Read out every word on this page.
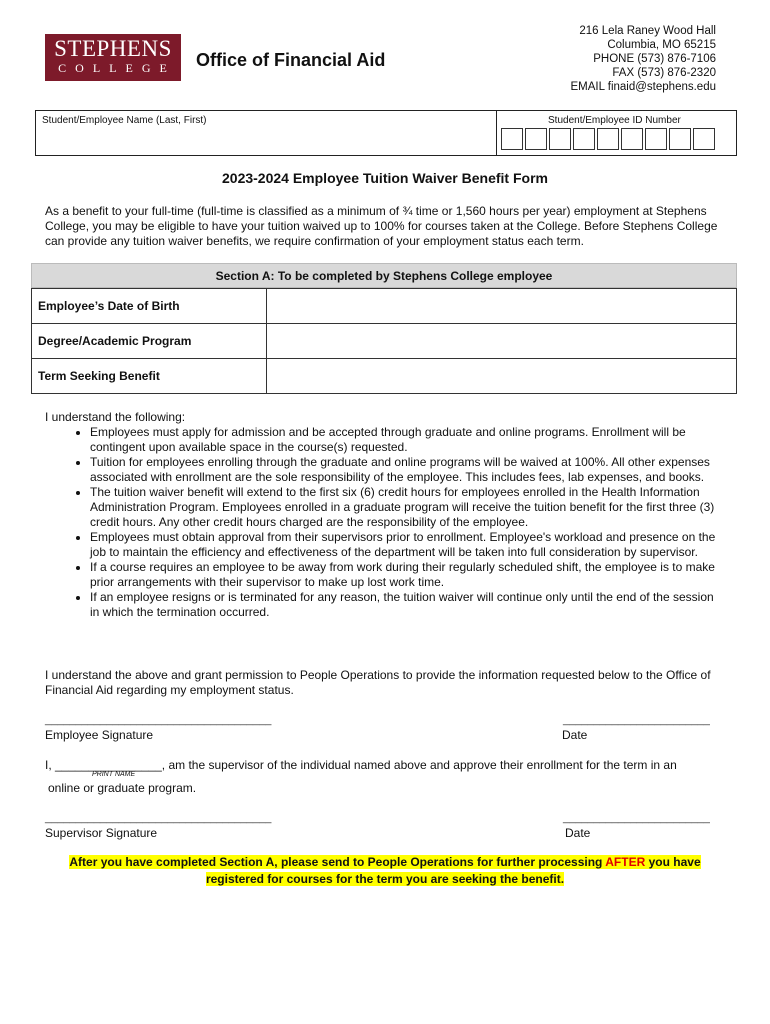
STEPHENS
COLLEGE Office of Financial Aid
216 Lela Raney Wood Hall
Columbia, MO 65215
PHONE (573) 876-7106
FAX (573) 876-2320
EMAIL finaid@stephens.edu
Student/Employee Name (Last, First)	Student/Employee ID Number
2023-2024 Employee Tuition Waiver Benefit Form
As a benefit to your full-time (full-time is classified as a minimum of ¾ time or 1,560 hours per year) employment at Stephens College, you may be eligible to have your tuition waived up to 100% for courses taken at the College. Before Stephens College can provide any tuition waiver benefits, we require confirmation of your employment status each term.
Section A: To be completed by Stephens College employee
Employee’s Date of Birth	
Degree/Academic Program	
Term Seeking Benefit	
I understand the following:
• Employees must apply for admission and be accepted through graduate and online programs. Enrollment will be contingent upon available space in the course(s) requested.
• Tuition for employees enrolling through the graduate and online programs will be waived at 100%. All other expenses associated with enrollment are the sole responsibility of the employee. This includes fees, lab expenses, and books.
• The tuition waiver benefit will extend to the first six (6) credit hours for employees enrolled in the Health Information Administration Program. Employees enrolled in a graduate program will receive the tuition benefit for the first three (3) credit hours. Any other credit hours charged are the responsibility of the employee.
• Employees must obtain approval from their supervisors prior to enrollment. Employee's workload and presence on the job to maintain the efficiency and effectiveness of the department will be taken into full consideration by supervisor.
• If a course requires an employee to be away from work during their regularly scheduled shift, the employee is to make prior arrangements with their supervisor to make up lost work time.
• If an employee resigns or is terminated for any reason, the tuition waiver will continue only until the end of the session in which the termination occurred.
I understand the above and grant permission to People Operations to provide the information requested below to the Office of Financial Aid regarding my employment status.
_____________________________________	________________________
Employee Signature	Date
I, ________________, am the supervisor of the individual named above and approve their enrollment for the term in an
PRINT NAME
online or graduate program.
_____________________________________	________________________
Supervisor Signature	Date
After you have completed Section A, please send to People Operations for further processing AFTER you have
registered for courses for the term you are seeking the benefit.
